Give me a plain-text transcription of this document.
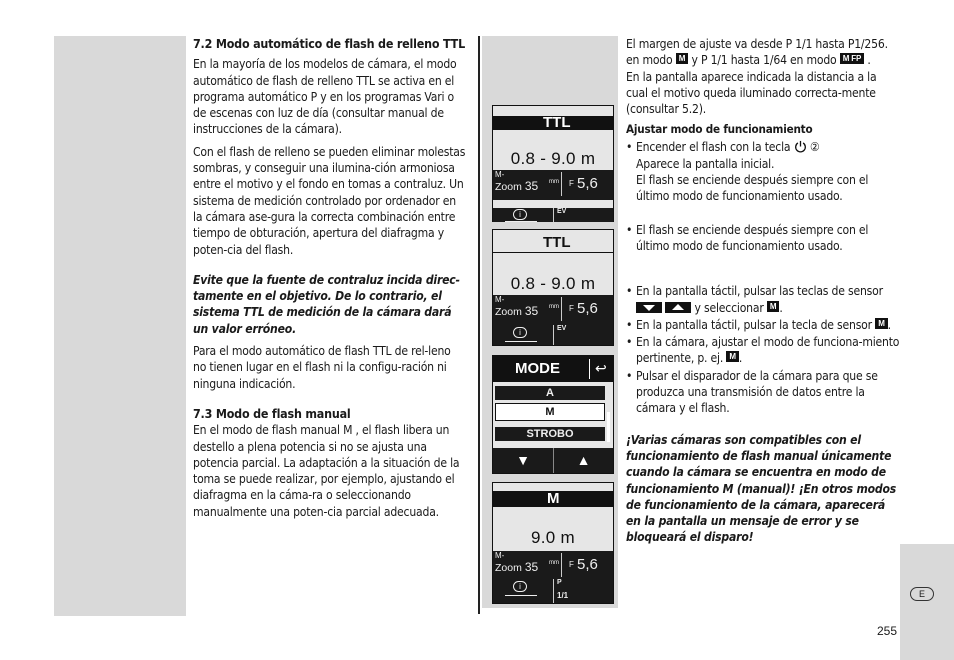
7.2 Modo automático de flash de relleno TTL

En la mayoría de los modelos de cámara, el modo automático de flash de relleno TTL se activa en el programa automático P y en los programas Vari o de escenas con luz de día (consultar manual de instrucciones de la cámara).

Con el flash de relleno se pueden eliminar molestas sombras, y conseguir una ilumina-ción armoniosa entre el motivo y el fondo en tomas a contraluz. Un sistema de medición controlado por ordenador en la cámara ase-gura la correcta combinación entre tiempo de obturación, apertura del diafragma y poten-cia del flash.

Evite que la fuente de contraluz incida direc-tamente en el objetivo. De lo contrario, el sistema TTL de medición de la cámara dará un valor erróneo.

Para el modo automático de flash TTL de rel-leno no tienen lugar en el flash ni la configu-ración ni ninguna indicación.

7.3 Modo de flash manual

En el modo de flash manual M , el flash libera un destello a plena potencia si no se ajusta una potencia parcial. La adaptación a la situación de la toma se puede realizar, por ejemplo, ajustando el diafragma en la cáma-ra o seleccionando manualmente una poten-cia parcial adecuada.

TTL
0.8 - 9.0 m
M-
Zoom 35 mm F 5,6
i	EV
TTL
0.8 - 9.0 m
M-
Zoom 35 mm F 5,6
i	EV
MODE	↩
A
M
STROBO
▼	▲
M
9.0 m
M-
Zoom 35 mm F 5,6
i	P
1/1

El margen de ajuste va desde P 1/1 hasta P1/256. en modo M y P 1/1 hasta 1/64 en modo M FP .

En la pantalla aparece indicada la distancia a la cual el motivo queda iluminado correcta-mente (consultar 5.2).

Ajustar modo de funcionamiento
• Encender el flash con la tecla ②
Aparece la pantalla inicial.
El flash se enciende después siempre con el último modo de funcionamiento usado.
• El flash se enciende después siempre con el último modo de funcionamiento usado.
• En la pantalla táctil, pulsar las teclas de sensor   y seleccionar M .
• En la pantalla táctil, pulsar la tecla de sensor M .
• En la cámara, ajustar el modo de funciona-miento pertinente, p. ej. M .
• Pulsar el disparador de la cámara para que se produzca una transmisión de datos entre la cámara y el flash.

¡Varias cámaras son compatibles con el funcionamiento de flash manual únicamente cuando la cámara se encuentra en modo de funcionamiento M (manual)! ¡En otros modos de funcionamiento de la cámara, aparecerá en la pantalla un mensaje de error y se bloqueará el disparo!

E
255
